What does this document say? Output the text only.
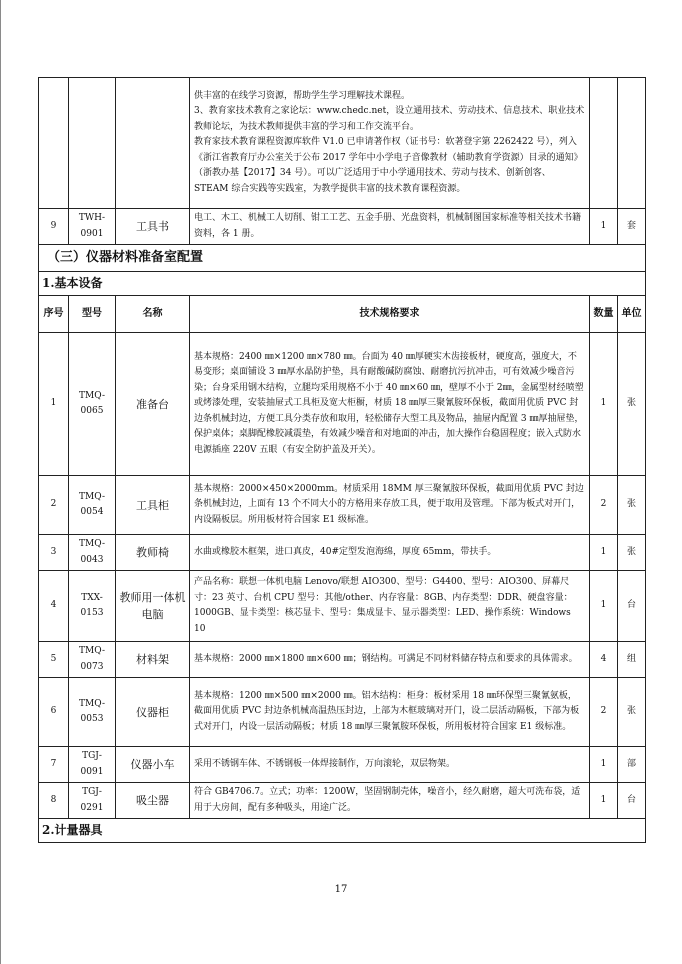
			供丰富的在线学习资源，帮助学生学习理解技术课程。

3、教育家技术教育之家论坛：www.chedc.net，设立通用技术、劳动技术、信息技术、职业技术教师论坛，为技术教师提供丰富的学习和工作交流平台。

教育家技术教育课程资源库软件 V1.0 已申请著作权（证书号：软著登字第 2262422 号），列入《浙江省教育厅办公室关于公布 2017 学年中小学电子音像教材（辅助教育学资源）目录的通知》（浙教办基【2017】34 号）。可以广泛适用于中小学通用技术、劳动与技术、创新创客、STEAM 综合实践等实践室，为教学提供丰富的技术教育课程资源。		

9	TWH-0901	工具书	电工、木工、机械工人切削、钳工工艺、五金手册、光盘资料，机械制图国家标准等相关技术书籍资料，各 1 册。	1	套
（三）仪器材料准备室配置					
1.基本设备					
序号	型号	名称	技术规格要求	数量	单位
1	TMQ-0065	准备台	基本规格：2400 ㎜×1200 ㎜×780 ㎜。台面为 40 ㎜厚硬实木齿接板材，硬度高，强度大，不易变形；桌面铺设 3 ㎜厚水晶防护垫，具有耐酸碱防腐蚀、耐磨抗污抗冲击，可有效减少噪音污染；台身采用钢木结构，立腿均采用规格不小于 40 ㎜×60 ㎜，壁厚不小于 2㎜，金属型材经喷塑或烤漆处理，安装抽屉式工具柜及宽大柜橱，材质 18 ㎜厚三聚氰胺环保板，截面用优质 PVC 封边条机械封边，方便工具分类存放和取用，轻松储存大型工具及物品，抽屉内配置 3 ㎜厚抽屉垫，保护桌体；桌脚配橡胶减震垫，有效减少噪音和对地面的冲击，加大操作台稳固程度；嵌入式防水电源插座 220V 五眼（有安全防护盖及开关）。	1	张
2	TMQ-0054	工具柜	基本规格：2000×450×2000mm。材质采用 18MM 厚三聚氰胺环保板，截面用优质 PVC 封边条机械封边，上面有 13 个不同大小的方格用来存放工具，便于取用及管理。下部为板式对开门，内设隔板层。所用板材符合国家 E1 级标准。	2	张
3	TMQ-0043	教师椅	水曲或橡胶木框架，进口真皮，40#定型发泡海绵，厚度 65mm，带扶手。	1	张
4	TXX-0153	教师用一体机电脑	产品名称：联想一体机电脑 Lenovo/联想 AIO300、型号：G4400、型号：AIO300、屏幕尺寸：23 英寸、台机 CPU 型号：其他/other、内存容量：8GB、内存类型：DDR、硬盘容量：1000GB、显卡类型：核芯显卡、型号：集成显卡、显示器类型：LED、操作系统：Windows 10	1	台
5	TMQ-0073	材料架	基本规格：2000 ㎜×1800 ㎜×600 ㎜；钢结构。可满足不同材料储存特点和要求的具体需求。	4	组
6	TMQ-0053	仪器柜	基本规格：1200 ㎜×500 ㎜×2000 ㎜。铝木结构：柜身：板材采用 18 ㎜环保型三聚氰氨板，截面用优质 PVC 封边条机械高温热压封边，上部为木框玻璃对开门，设二层活动隔板，下部为板式对开门，内设一层活动隔板；材质 18 ㎜厚三聚氰胺环保板，所用板材符合国家 E1 级标准。	2	张
7	TGJ-0091	仪器小车	采用不锈钢车体、不锈钢板一体焊接制作，万向滚轮，双层物架。	1	部
8	TGJ-0291	吸尘器	符合 GB4706.7。立式；功率：1200W，坚固钢制壳体，噪音小，经久耐磨，超大可洗布袋，适用于大房间，配有多种吸头，用途广泛。	1	台
2.计量器具					
17
